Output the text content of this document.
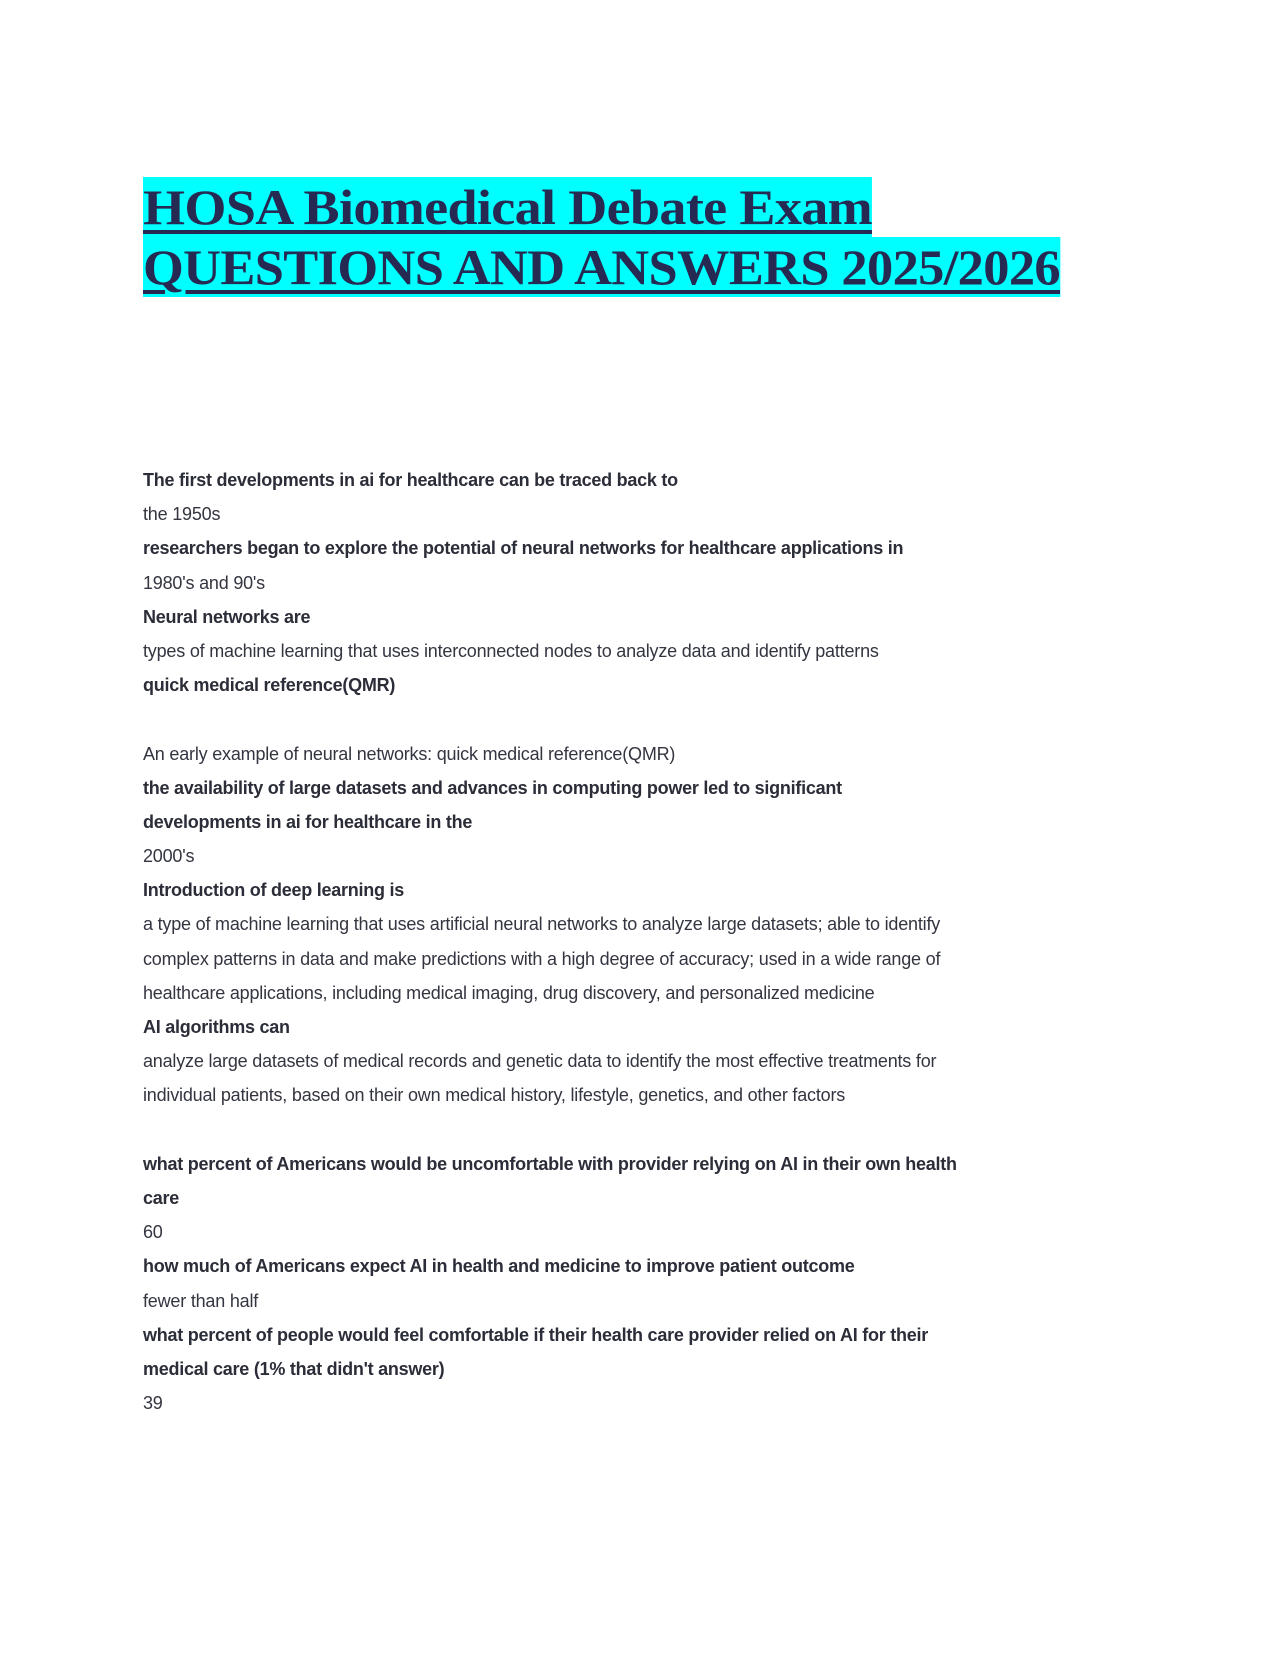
HOSA Biomedical Debate Exam
QUESTIONS AND ANSWERS 2025/2026
The first developments in ai for healthcare can be traced back to
the 1950s
researchers began to explore the potential of neural networks for healthcare applications in
1980's and 90's
Neural networks are
types of machine learning that uses interconnected nodes to analyze data and identify patterns
quick medical reference(QMR)
An early example of neural networks: quick medical reference(QMR)
the availability of large datasets and advances in computing power led to significant
developments in ai for healthcare in the
2000's
Introduction of deep learning is
a type of machine learning that uses artificial neural networks to analyze large datasets; able to identify
complex patterns in data and make predictions with a high degree of accuracy; used in a wide range of
healthcare applications, including medical imaging, drug discovery, and personalized medicine
AI algorithms can
analyze large datasets of medical records and genetic data to identify the most effective treatments for
individual patients, based on their own medical history, lifestyle, genetics, and other factors
what percent of Americans would be uncomfortable with provider relying on AI in their own health
care
60
how much of Americans expect AI in health and medicine to improve patient outcome
fewer than half
what percent of people would feel comfortable if their health care provider relied on AI for their
medical care (1% that didn't answer)
39
